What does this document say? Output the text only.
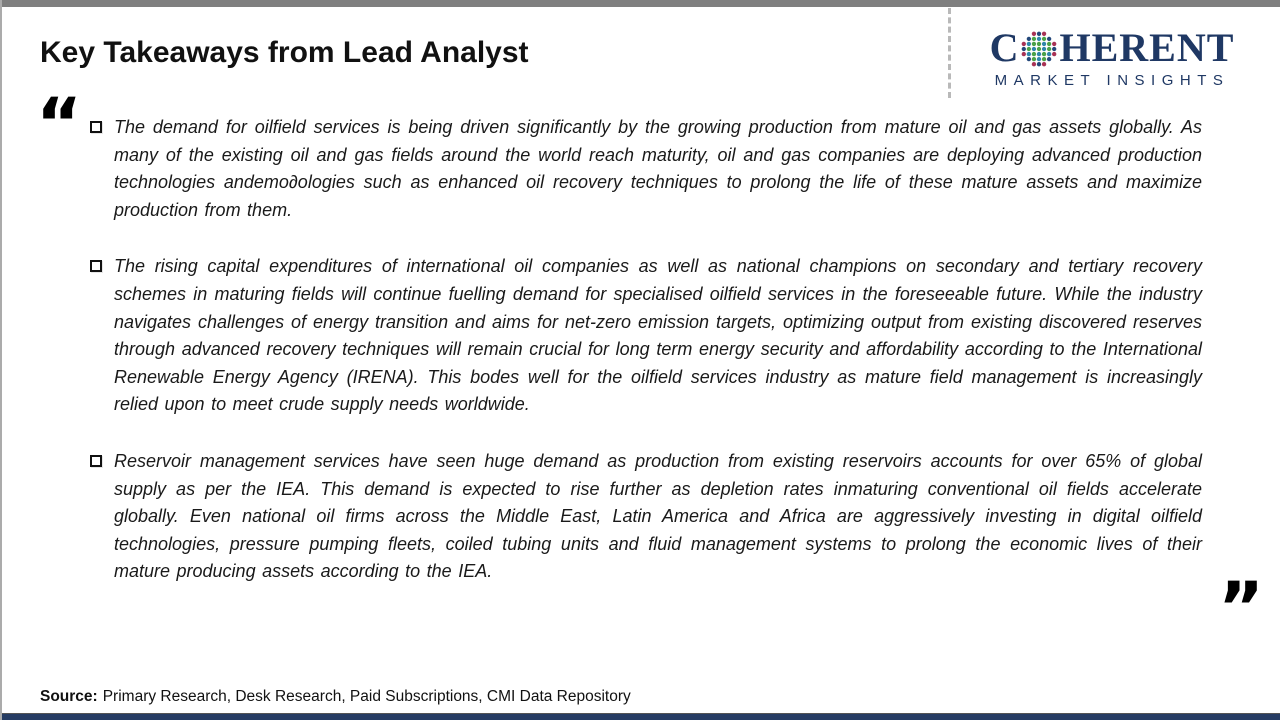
Key Takeaways from Lead Analyst	C HERENT
MARKET INSIGHTS
“ The demand for oilfield services is being driven significantly by the growing production from mature oil and gas assets globally. As many of the existing oil and gas fields around the world reach maturity, oil and gas companies are deploying advanced production technologies andemo∂ologies such as enhanced oil recovery techniques to prolong the life of these mature assets and maximize production from them.

The rising capital expenditures of international oil companies as well as national champions on secondary and tertiary recovery schemes in maturing fields will continue fuelling demand for specialised oilfield services in the foreseeable future. While the industry navigates challenges of energy transition and aims for net-zero emission targets, optimizing output from existing discovered reserves through advanced recovery techniques will remain crucial for long term energy security and affordability according to the International Renewable Energy Agency (IRENA). This bodes well for the oilfield services industry as mature field management is increasingly relied upon to meet crude supply needs worldwide.

Reservoir management services have seen huge demand as production from existing reservoirs accounts for over 65% of global supply as per the IEA. This demand is expected to rise further as depletion rates inmaturing conventional oil fields accelerate globally. Even national oil firms across the Middle East, Latin America and Africa are aggressively investing in digital oilfield technologies, pressure pumping fleets, coiled tubing units and fluid management systems to prolong the economic lives of their mature producing assets according to the IEA.	”
Source: Primary Research, Desk Research, Paid Subscriptions, CMI Data Repository
